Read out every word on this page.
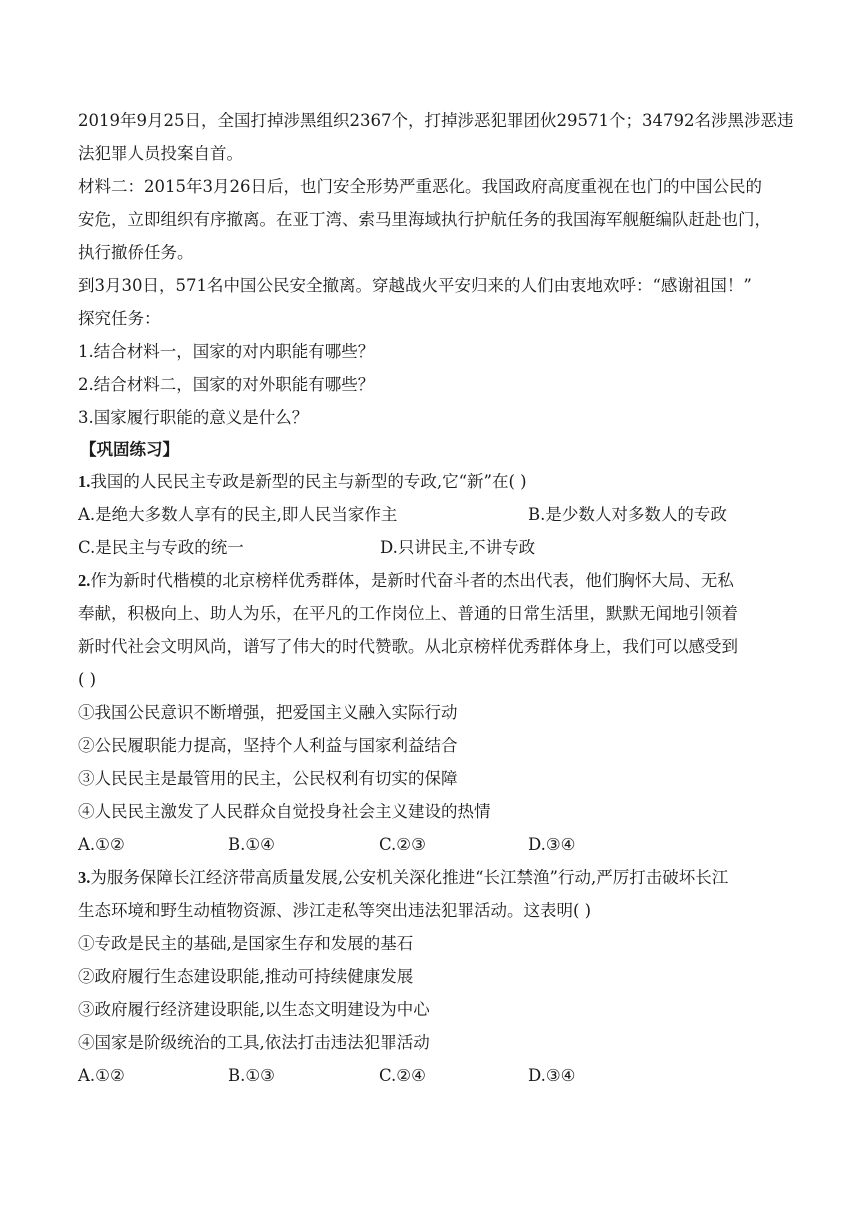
2019年9月25日，全国打掉涉黑组织2367个，打掉涉恶犯罪团伙29571个；34792名涉黑涉恶违
法犯罪人员投案自首。
材料二：2015年3月26日后，也门安全形势严重恶化。我国政府高度重视在也门的中国公民的
安危，立即组织有序撤离。在亚丁湾、索马里海域执行护航任务的我国海军舰艇编队赶赴也门，
执行撤侨任务。
到3月30日，571名中国公民安全撤离。穿越战火平安归来的人们由衷地欢呼：“感谢祖国！”
探究任务：
1.结合材料一，国家的对内职能有哪些？
2.结合材料二，国家的对外职能有哪些？
3.国家履行职能的意义是什么？
【巩固练习】
1.我国的人民民主专政是新型的民主与新型的专政,它“新”在( )
A.是绝大多数人享有的民主,即人民当家作主	B.是少数人对多数人的专政
C.是民主与专政的统一	D.只讲民主,不讲专政
2.作为新时代楷模的北京榜样优秀群体，是新时代奋斗者的杰出代表，他们胸怀大局、无私
奉献，积极向上、助人为乐，在平凡的工作岗位上、普通的日常生活里，默默无闻地引领着
新时代社会文明风尚，谱写了伟大的时代赞歌。从北京榜样优秀群体身上，我们可以感受到
( )
①我国公民意识不断增强，把爱国主义融入实际行动
②公民履职能力提高，坚持个人利益与国家利益结合
③人民民主是最管用的民主，公民权利有切实的保障
④人民民主激发了人民群众自觉投身社会主义建设的热情
A.①②	B.①④	C.②③	D.③④
3.为服务保障长江经济带高质量发展,公安机关深化推进“长江禁渔”行动,严厉打击破坏长江
生态环境和野生动植物资源、涉江走私等突出违法犯罪活动。这表明( )
①专政是民主的基础,是国家生存和发展的基石
②政府履行生态建设职能,推动可持续健康发展
③政府履行经济建设职能,以生态文明建设为中心
④国家是阶级统治的工具,依法打击违法犯罪活动
A.①②	B.①③	C.②④	D.③④
